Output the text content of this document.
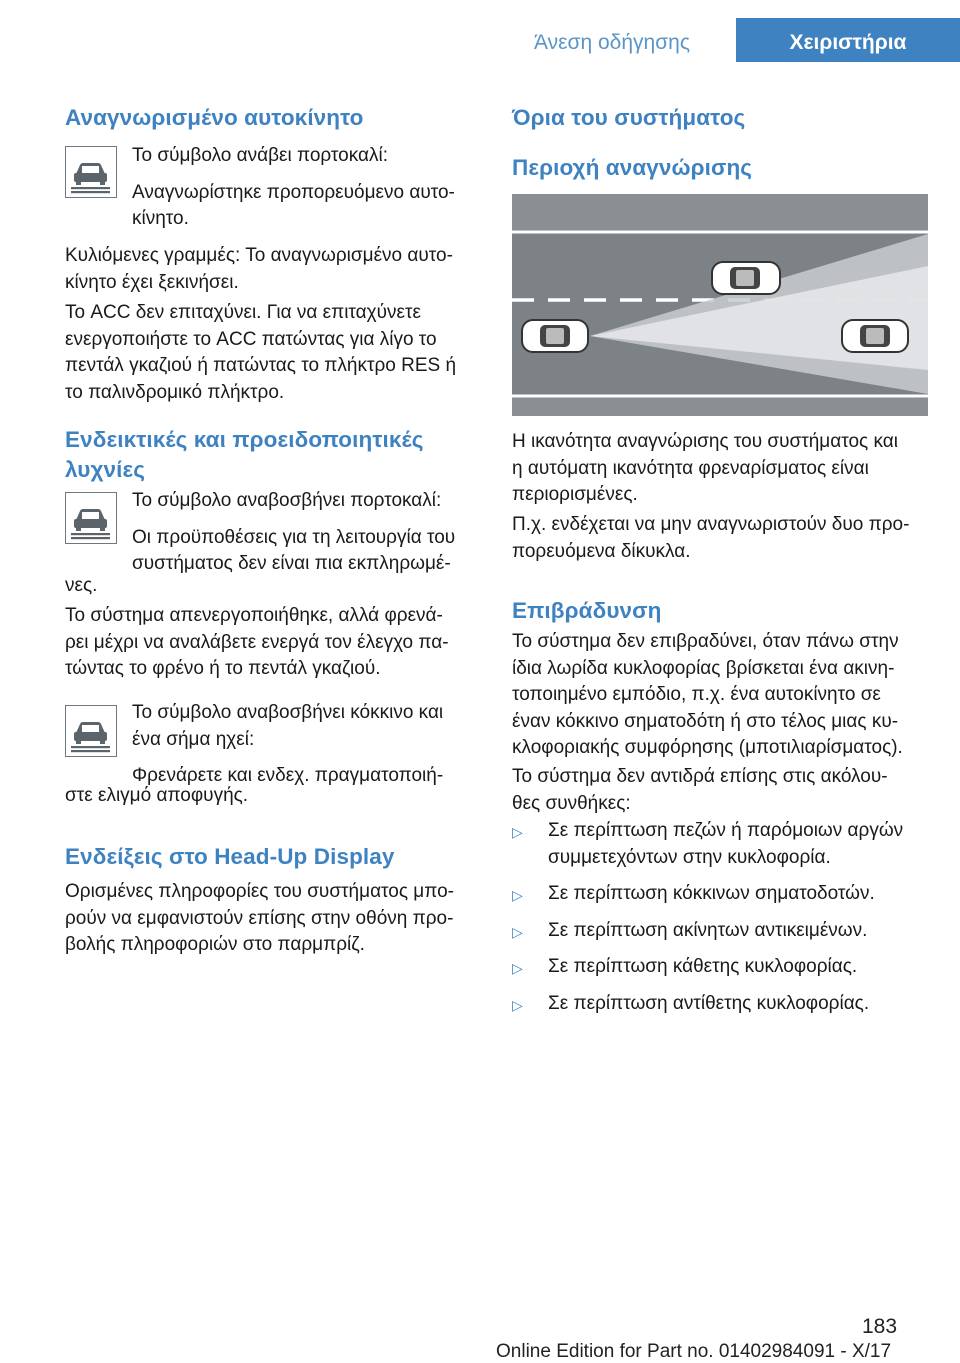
Άνεση οδήγησης	Χειριστήρια
Αναγνωρισμένο αυτοκίνητο

Το σύμβολο ανάβει πορτοκαλί:

Αναγνωρίστηκε προπορευόμενο αυτο-

κίνητο.

Κυλιόμενες γραμμές: Το αναγνωρισμένο αυτο-

κίνητο έχει ξεκινήσει.

Το ACC δεν επιταχύνει. Για να επιταχύνετε

ενεργοποιήστε το ACC πατώντας για λίγο το

πεντάλ γκαζιού ή πατώντας το πλήκτρο RES ή

το παλινδρομικό πλήκτρο.

Ενδεικτικές και προειδοποιητικές
λυχνίες

Το σύμβολο αναβοσβήνει πορτοκαλί:

Οι προϋποθέσεις για τη λειτουργία του

συστήματος δεν είναι πια εκπληρωμέ-

νες.

Το σύστημα απενεργοποιήθηκε, αλλά φρενά-

ρει μέχρι να αναλάβετε ενεργά τον έλεγχο πα-

τώντας το φρένο ή το πεντάλ γκαζιού.

Το σύμβολο αναβοσβήνει κόκκινο και

ένα σήμα ηχεί:

Φρενάρετε και ενδεχ. πραγματοποιή-

στε ελιγμό αποφυγής.

Ενδείξεις στο Head-Up Display

Ορισμένες πληροφορίες του συστήματος μπο-

ρούν να εμφανιστούν επίσης στην οθόνη προ-

βολής πληροφοριών στο παρμπρίζ.

Όρια του συστήματος
Περιοχή αναγνώρισης

Η ικανότητα αναγνώρισης του συστήματος και

η αυτόματη ικανότητα φρεναρίσματος είναι

περιορισμένες.

Π.χ. ενδέχεται να μην αναγνωριστούν δυο προ-

πορευόμενα δίκυκλα.

Επιβράδυνση

Το σύστημα δεν επιβραδύνει, όταν πάνω στην

ίδια λωρίδα κυκλοφορίας βρίσκεται ένα ακινη-

τοποιημένο εμπόδιο, π.χ. ένα αυτοκίνητο σε

έναν κόκκινο σηματοδότη ή στο τέλος μιας κυ-

κλοφοριακής συμφόρησης (μποτιλιαρίσματος).

Το σύστημα δεν αντιδρά επίσης στις ακόλου-

θες συνθήκες:

▷	Σε περίπτωση πεζών ή παρόμοιων αργών
συμμετεχόντων στην κυκλοφορία.
▷	Σε περίπτωση κόκκινων σηματοδοτών.
▷	Σε περίπτωση ακίνητων αντικειμένων.
▷	Σε περίπτωση κάθετης κυκλοφορίας.
▷	Σε περίπτωση αντίθετης κυκλοφορίας.
183
Online Edition for Part no. 01402984091 - X/17
